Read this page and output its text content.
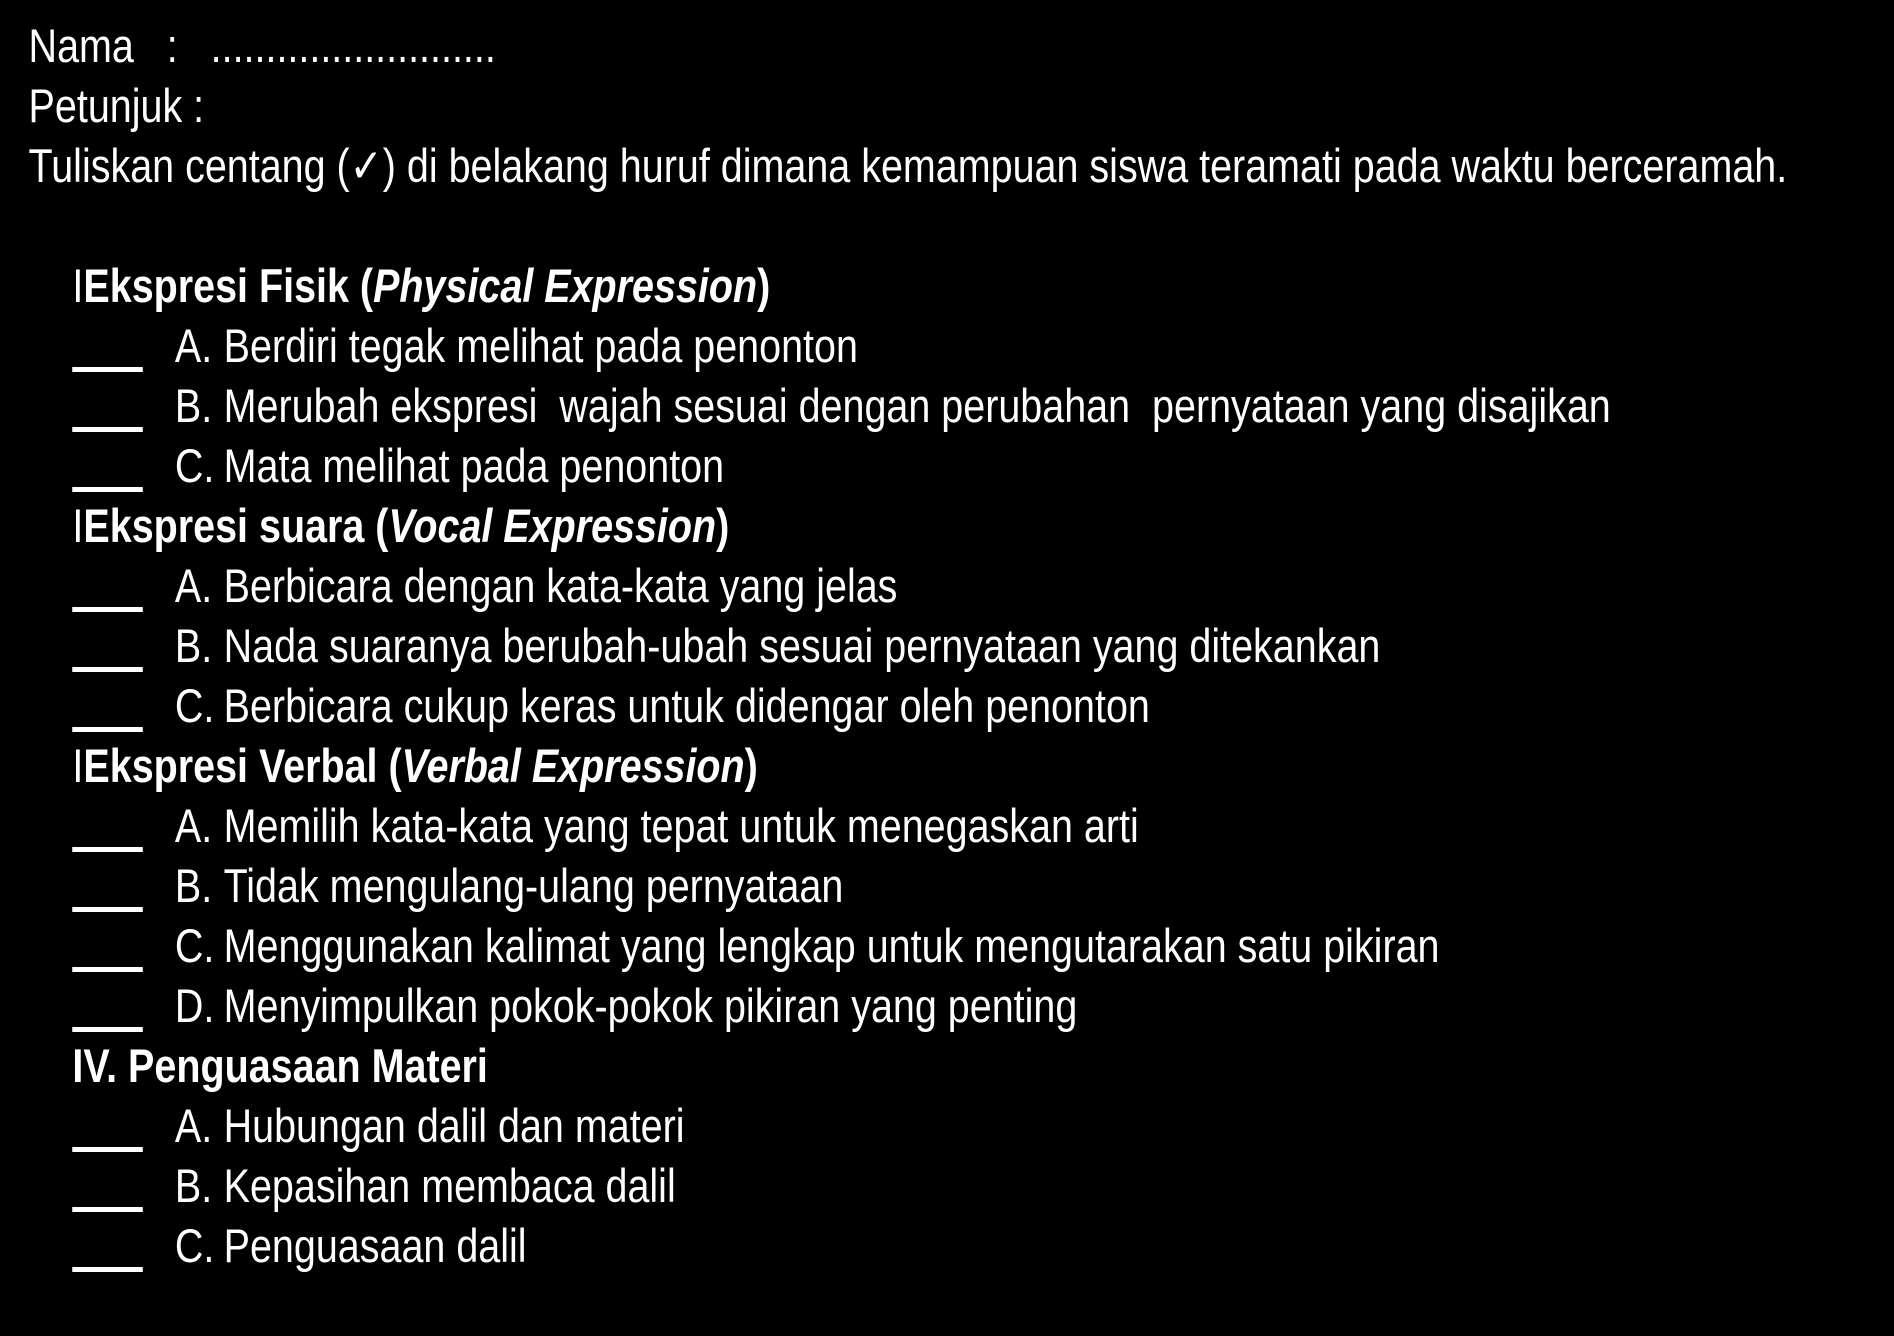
Nama   :   ..........................
Petunjuk :
Tuliskan centang (✓) di belakang huruf dimana kemampuan siswa teramati pada waktu berceramah.

IEkspresi Fisik (Physical Expression)

A. Berdiri tegak melihat pada penonton

B. Merubah ekspresi  wajah sesuai dengan perubahan  pernyataan yang disajikan

C. Mata melihat pada penonton

IEkspresi suara (Vocal Expression)

A. Berbicara dengan kata-kata yang jelas

B. Nada suaranya berubah-ubah sesuai pernyataan yang ditekankan

C. Berbicara cukup keras untuk didengar oleh penonton

IEkspresi Verbal (Verbal Expression)

A. Memilih kata-kata yang tepat untuk menegaskan arti

B. Tidak mengulang-ulang pernyataan

C. Menggunakan kalimat yang lengkap untuk mengutarakan satu pikiran

D. Menyimpulkan pokok-pokok pikiran yang penting

IV. Penguasaan Materi

A. Hubungan dalil dan materi

B. Kepasihan membaca dalil

C. Penguasaan dalil
